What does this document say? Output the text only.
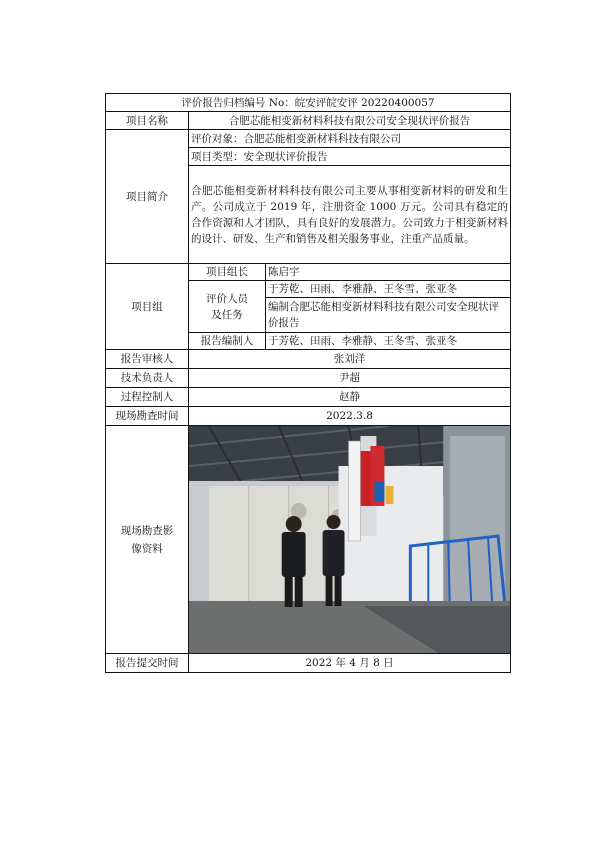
评价报告归档编号 No：皖安评皖安评 20220400057		
项目名称	合肥芯能相变新材料科技有限公司安全现状评价报告	
项目简介	评价对象：合肥芯能相变新材料科技有限公司	
	项目类型：安全现状评价报告	
	合肥芯能相变新材料科技有限公司主要从事相变新材料的研发和生产。公司成立于 2019 年，注册资金 1000 万元。公司具有稳定的合作资源和人才团队，具有良好的发展潜力。公司致力于相变新材料的设计、研发、生产和销售及相关服务事业，注重产品质量。	
项目组	项目组长	陈启宇
	评价人员及任务	于芳乾、田雨、李雅静、王冬雪、张亚冬
		编制合肥芯能相变新材料科技有限公司安全现状评价报告
	报告编制人	于芳乾、田雨、李雅静、王冬雪、张亚冬
报告审核人	张刘洋	
技术负责人	尹超	
过程控制人	赵静	
现场勘查时间	2022.3.8	
现场勘查影像资料	

报告提交时间	2022 年 4 月 8 日	
